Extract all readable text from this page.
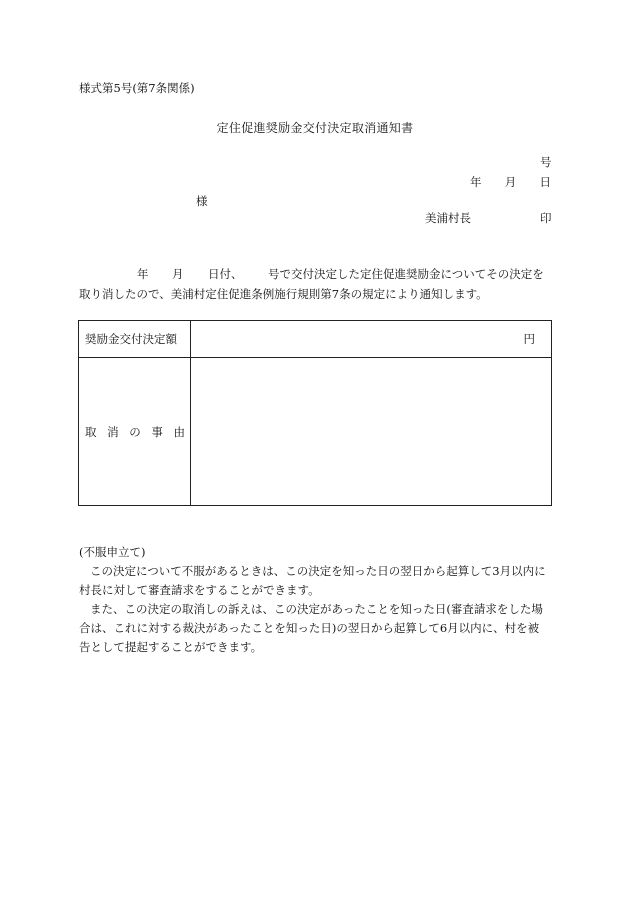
様式第5号(第7条関係)
定住促進奨励金交付決定取消通知書
号
年 月 日
様
美浦村長	印
年 月 日付、 号で交付決定した定住促進奨励金についてその決定を
取り消したので、美浦村定住促進条例施行規則第7条の規定により通知します。
奨励金交付決定額	円
取 消 の 事 由
(不服申立て)
この決定について不服があるときは、この決定を知った日の翌日から起算して3月以内に
村長に対して審査請求をすることができます。
また、この決定の取消しの訴えは、この決定があったことを知った日(審査請求をした場
合は、これに対する裁決があったことを知った日)の翌日から起算して6月以内に、村を被
告として提起することができます。
